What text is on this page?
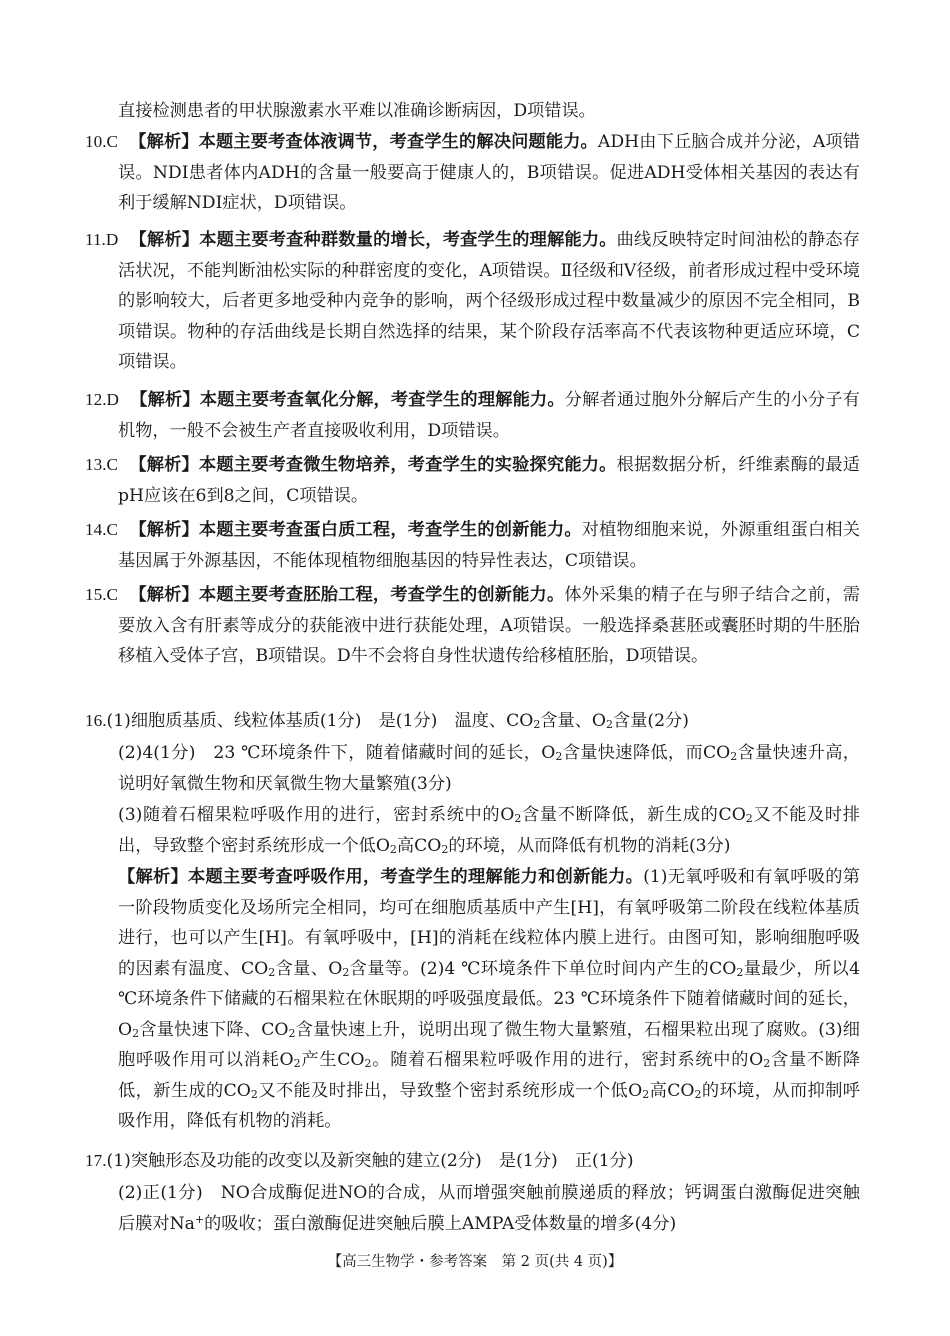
直接检测患者的甲状腺激素水平难以准确诊断病因，D项错误。
10.C 【解析】本题主要考查体液调节，考查学生的解决问题能力。ADH由下丘脑合成并分泌，A项错误。NDI患者体内ADH的含量一般要高于健康人的，B项错误。促进ADH受体相关基因的表达有利于缓解NDI症状，D项错误。
11.D 【解析】本题主要考查种群数量的增长，考查学生的理解能力。曲线反映特定时间油松的静态存活状况，不能判断油松实际的种群密度的变化，A项错误。Ⅱ径级和Ⅴ径级，前者形成过程中受环境的影响较大，后者更多地受种内竞争的影响，两个径级形成过程中数量减少的原因不完全相同，B项错误。物种的存活曲线是长期自然选择的结果，某个阶段存活率高不代表该物种更适应环境，C项错误。
12.D 【解析】本题主要考查氧化分解，考查学生的理解能力。分解者通过胞外分解后产生的小分子有机物，一般不会被生产者直接吸收利用，D项错误。
13.C 【解析】本题主要考查微生物培养，考查学生的实验探究能力。根据数据分析，纤维素酶的最适pH应该在6到8之间，C项错误。
14.C 【解析】本题主要考查蛋白质工程，考查学生的创新能力。对植物细胞来说，外源重组蛋白相关基因属于外源基因，不能体现植物细胞基因的特异性表达，C项错误。
15.C 【解析】本题主要考查胚胎工程，考查学生的创新能力。体外采集的精子在与卵子结合之前，需要放入含有肝素等成分的获能液中进行获能处理，A项错误。一般选择桑葚胚或囊胚时期的牛胚胎移植入受体子宫，B项错误。D牛不会将自身性状遗传给移植胚胎，D项错误。
16.(1)细胞质基质、线粒体基质(1分)　是(1分)　温度、$CO_2$含量、$O_2$含量(2分)
(2)4(1分)　23 ℃环境条件下，随着储藏时间的延长，$O_2$含量快速降低，而$CO_2$含量快速升高，说明好氧微生物和厌氧微生物大量繁殖(3分)
(3)随着石榴果粒呼吸作用的进行，密封系统中的$O_2$含量不断降低，新生成的$CO_2$又不能及时排出，导致整个密封系统形成一个低$O_2$高$CO_2$的环境，从而降低有机物的消耗(3分)
【解析】本题主要考查呼吸作用，考查学生的理解能力和创新能力。(1)无氧呼吸和有氧呼吸的第一阶段物质变化及场所完全相同，均可在细胞质基质中产生[H]，有氧呼吸第二阶段在线粒体基质进行，也可以产生[H]。有氧呼吸中，[H]的消耗在线粒体内膜上进行。由图可知，影响细胞呼吸的因素有温度、$CO_2$含量、$O_2$含量等。(2)4 ℃环境条件下单位时间内产生的$CO_2$量最少，所以4 ℃环境条件下储藏的石榴果粒在休眠期的呼吸强度最低。23 ℃环境条件下随着储藏时间的延长，$O_2$含量快速下降、$CO_2$含量快速上升，说明出现了微生物大量繁殖，石榴果粒出现了腐败。(3)细胞呼吸作用可以消耗$O_2$产生$CO_2$。随着石榴果粒呼吸作用的进行，密封系统中的$O_2$含量不断降低，新生成的$CO_2$又不能及时排出，导致整个密封系统形成一个低$O_2$高$CO_2$的环境，从而抑制呼吸作用，降低有机物的消耗。
17.(1)突触形态及功能的改变以及新突触的建立(2分)　是(1分)　正(1分)
(2)正(1分)　NO合成酶促进NO的合成，从而增强突触前膜递质的释放；钙调蛋白激酶促进突触后膜对Na+的吸收；蛋白激酶促进突触后膜上AMPA受体数量的增多(4分)
【高三生物学・参考答案　第 2 页(共 4 页)】
